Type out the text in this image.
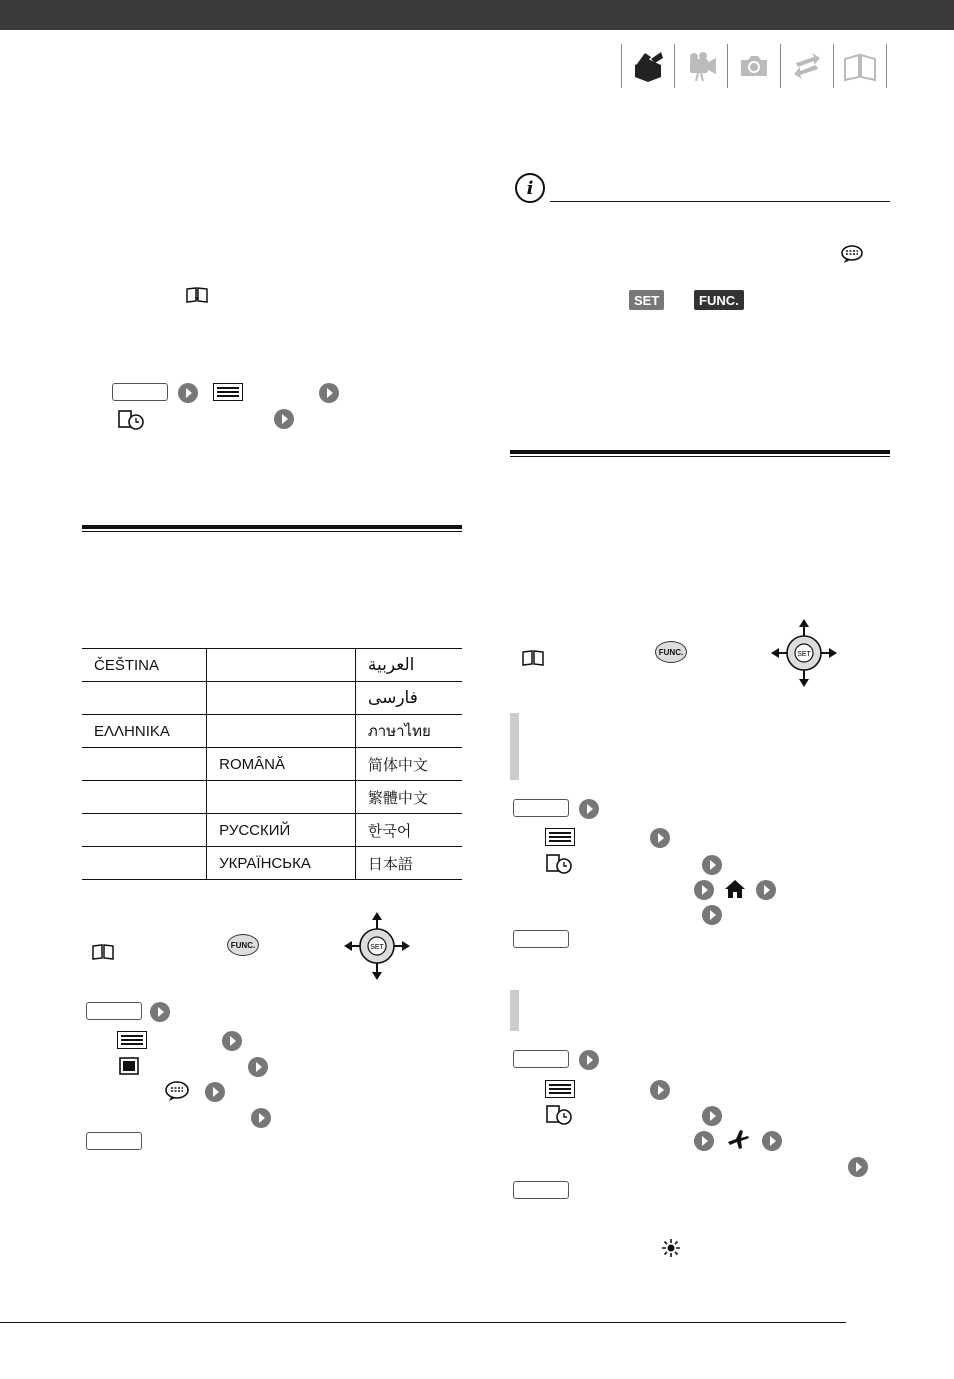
ČEŠTINA		العربية
		فارسی
ΕΛΛΗΝΙΚΑ		ภาษาไทย
	ROMÂNĂ	简体中文
		繁體中文
	РУССКИЙ	한국어
	УКРАЇНСЬКА	日本語
FUNC.	SET
i
SET	FUNC.
FUNC.	SET
